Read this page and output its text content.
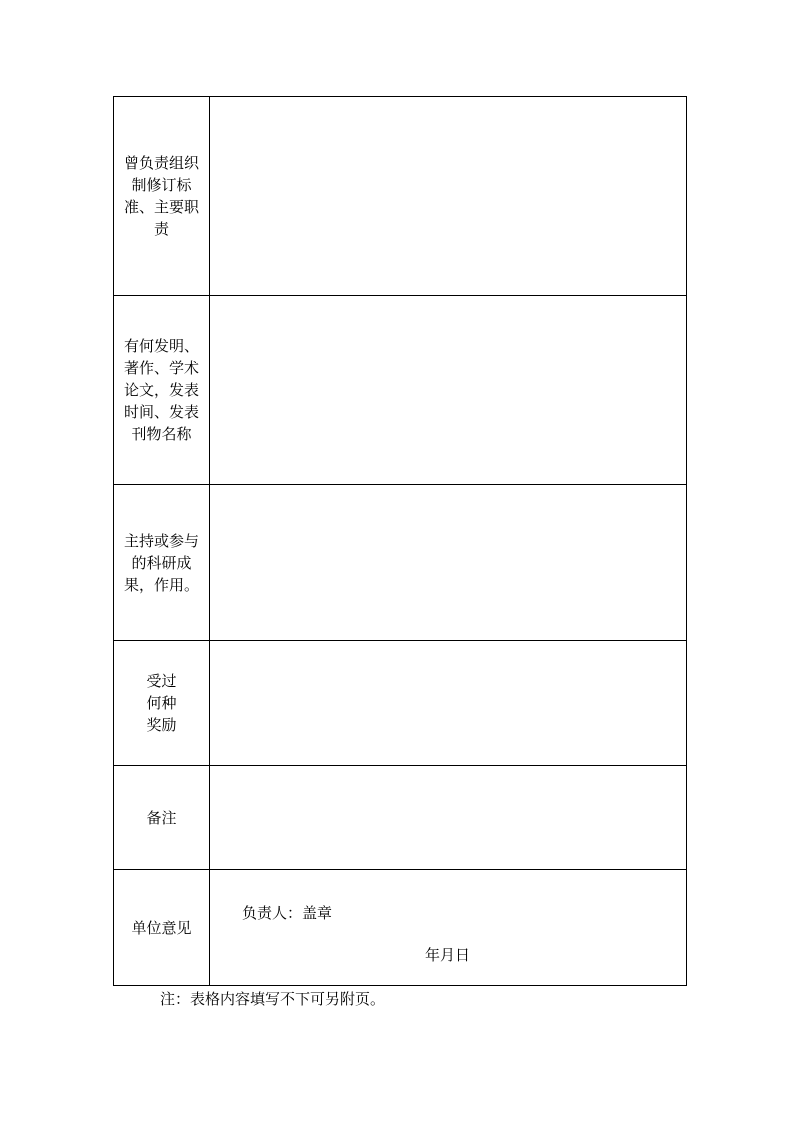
曾负责组织制修订标准、主要职责	
有何发明、著作、学术论文，发表时间、发表刊物名称	
主持或参与的科研成果，作用。	
受过何种奖励	
备注	
单位意见	负责人：盖章
年月日
注：表格内容填写不下可另附页。
